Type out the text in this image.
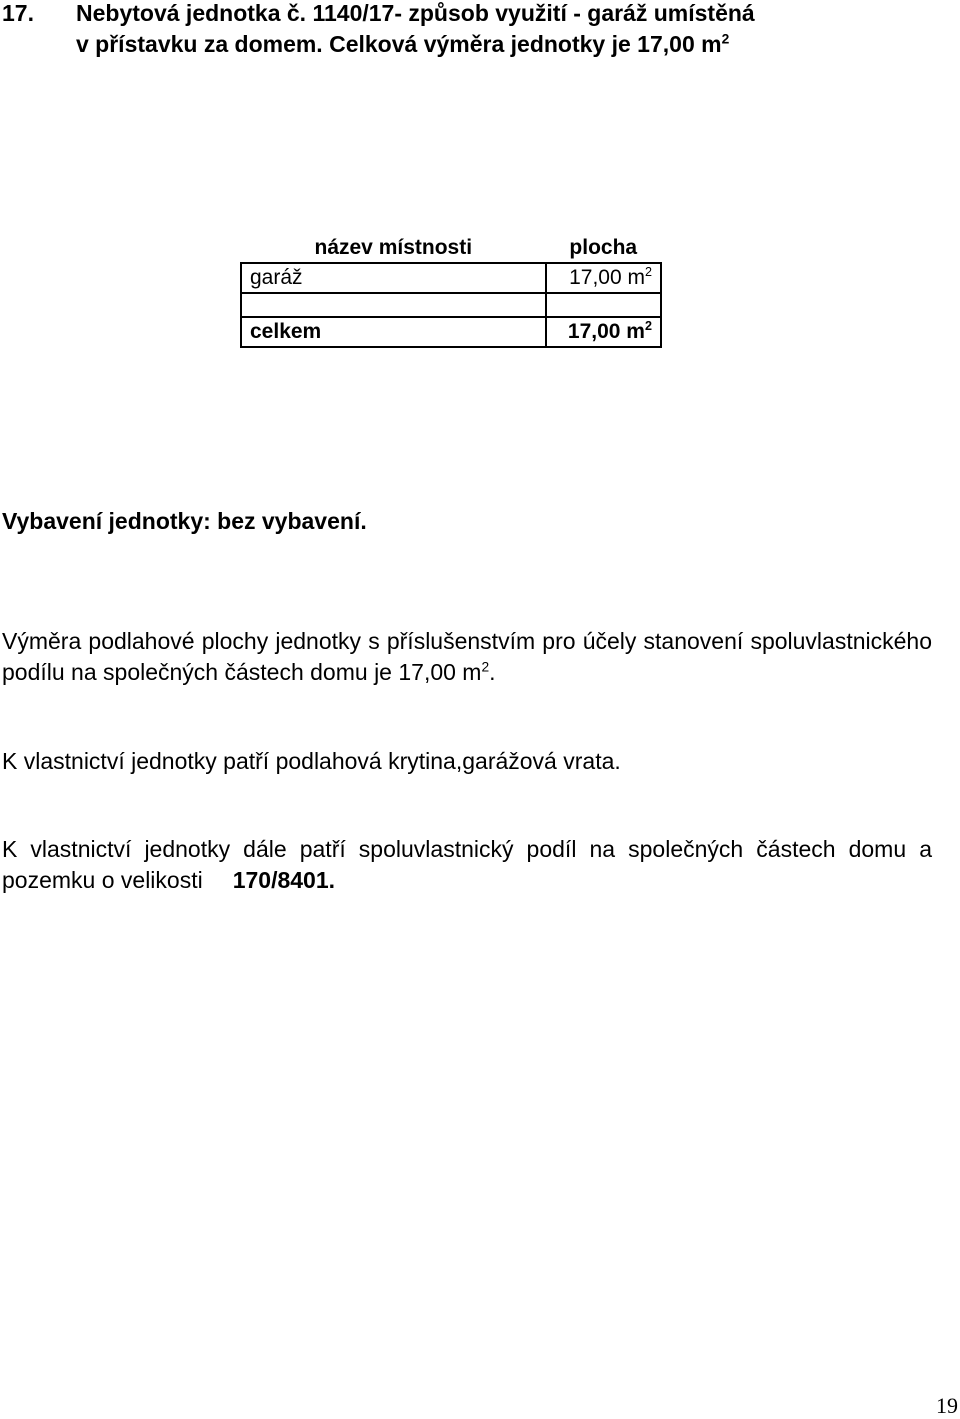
17. Nebytová jednotka č. 1140/17- způsob využití - garáž umístěná
v přístavku za domem. Celková výměra jednotky je 17,00 $m^2$
název místnosti	plocha
garáž	17,00 $m^2$

celkem	17,00 $m^2$
Vybavení jednotky: bez vybavení.
Výměra podlahové plochy jednotky s příslušenstvím pro účely stanovení spoluvlastnického podílu na společných částech domu je 17,00 $m^2$.
K vlastnictví jednotky patří podlahová krytina,garážová vrata.
K vlastnictví jednotky dále patří spoluvlastnický podíl na společných částech domu a pozemku o velikosti 170/8401.
19
